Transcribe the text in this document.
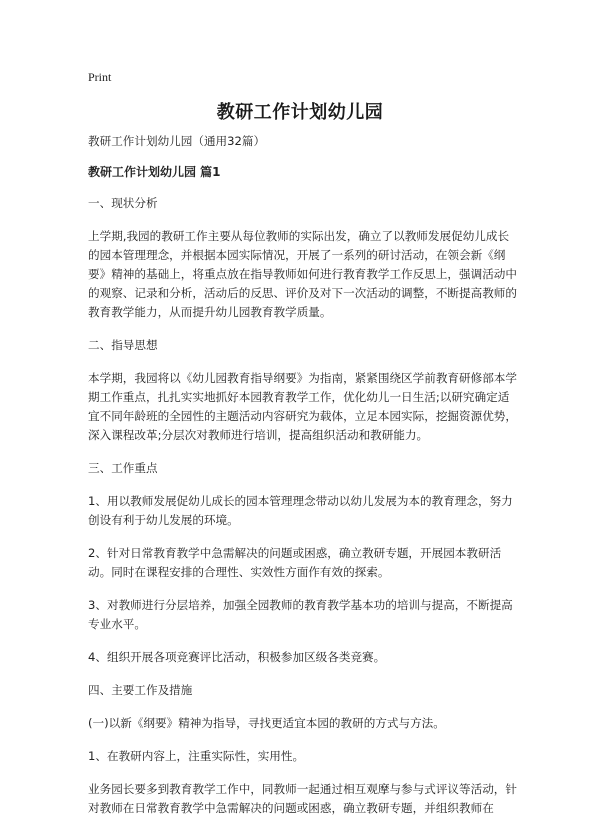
Print
教研工作计划幼儿园

教研工作计划幼儿园（通用32篇）

教研工作计划幼儿园 篇1

一、现状分析

上学期,我园的教研工作主要从每位教师的实际出发，确立了以教师发展促幼儿成长的园本管理理念，并根据本园实际情况，开展了一系列的研讨活动，在领会新《纲要》精神的基础上，将重点放在指导教师如何进行教育教学工作反思上，强调活动中的观察、记录和分析，活动后的反思、评价及对下一次活动的调整，不断提高教师的教育教学能力，从而提升幼儿园教育教学质量。

二、指导思想

本学期，我园将以《幼儿园教育指导纲要》为指南，紧紧围绕区学前教育研修部本学期工作重点，扎扎实实地抓好本园教育教学工作，优化幼儿一日生活;以研究确定适宜不同年龄班的全园性的主题活动内容研究为载体，立足本园实际，挖掘资源优势，深入课程改革;分层次对教师进行培训，提高组织活动和教研能力。

三、工作重点

1、用以教师发展促幼儿成长的园本管理理念带动以幼儿发展为本的教育理念，努力创设有利于幼儿发展的环境。

2、针对日常教育教学中急需解决的问题或困惑，确立教研专题，开展园本教研活动。同时在课程安排的合理性、实效性方面作有效的探索。

3、对教师进行分层培养，加强全园教师的教育教学基本功的培训与提高，不断提高专业水平。

4、组织开展各项竞赛评比活动，积极参加区级各类竞赛。

四、主要工作及措施

(一)以新《纲要》精神为指导，寻找更适宜本园的教研的方式与方法。

1、在教研内容上，注重实际性，实用性。

业务园长要多到教育教学工作中，同教师一起通过相互观摩与参与式评议等活动，针对教师在日常教育教学中急需解决的问题或困惑，确立教研专题，并组织教师在
